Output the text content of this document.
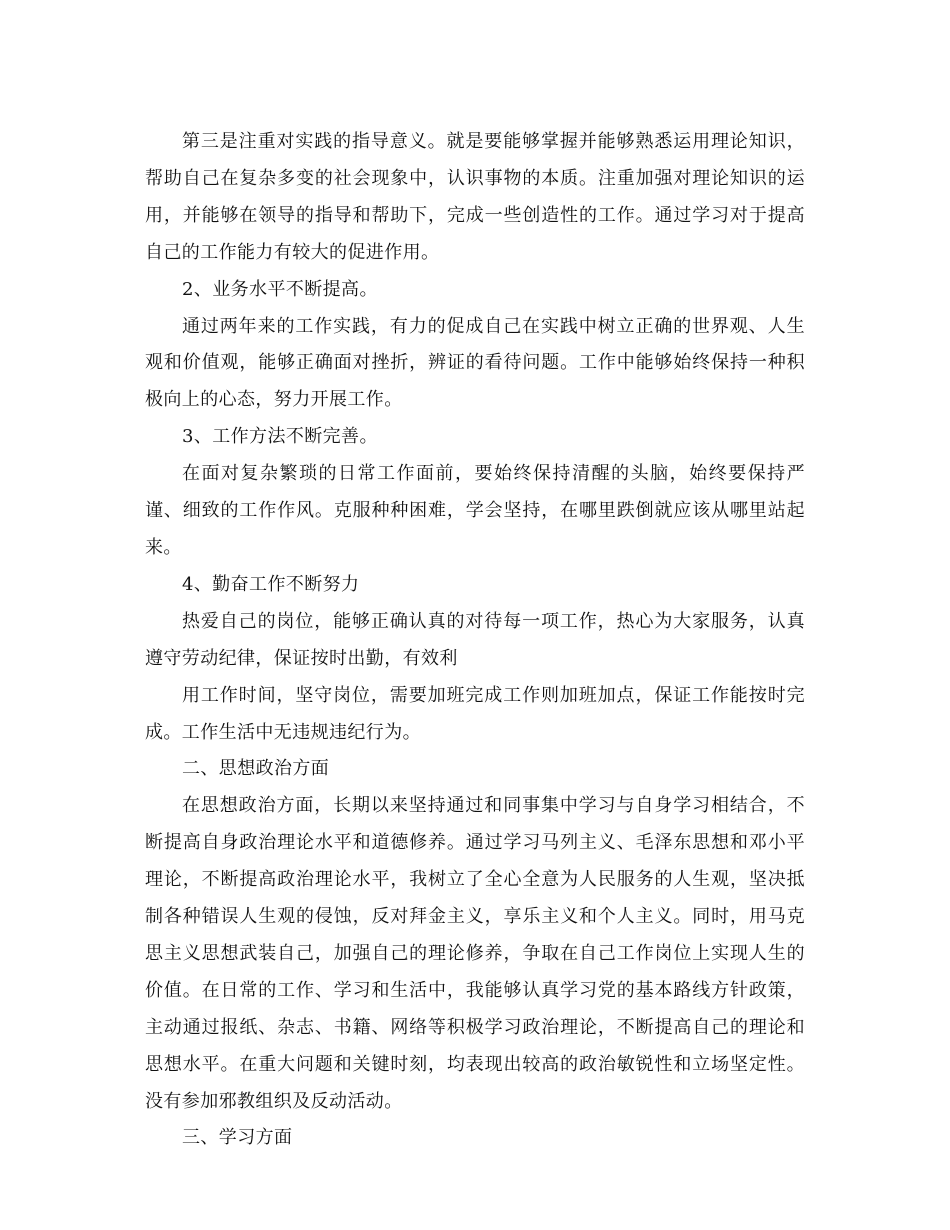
第三是注重对实践的指导意义。就是要能够掌握并能够熟悉运用理论知识，帮助自己在复杂多变的社会现象中，认识事物的本质。注重加强对理论知识的运用，并能够在领导的指导和帮助下，完成一些创造性的工作。通过学习对于提高自己的工作能力有较大的促进作用。

2、业务水平不断提高。

通过两年来的工作实践，有力的促成自己在实践中树立正确的世界观、人生观和价值观，能够正确面对挫折，辨证的看待问题。工作中能够始终保持一种积极向上的心态，努力开展工作。

3、工作方法不断完善。

在面对复杂繁琐的日常工作面前，要始终保持清醒的头脑，始终要保持严谨、细致的工作作风。克服种种困难，学会坚持，在哪里跌倒就应该从哪里站起来。

4、勤奋工作不断努力

热爱自己的岗位，能够正确认真的对待每一项工作，热心为大家服务，认真遵守劳动纪律，保证按时出勤，有效利

用工作时间，坚守岗位，需要加班完成工作则加班加点，保证工作能按时完成。工作生活中无违规违纪行为。

二、思想政治方面

在思想政治方面，长期以来坚持通过和同事集中学习与自身学习相结合，不断提高自身政治理论水平和道德修养。通过学习马列主义、毛泽东思想和邓小平理论，不断提高政治理论水平，我树立了全心全意为人民服务的人生观，坚决抵制各种错误人生观的侵蚀，反对拜金主义，享乐主义和个人主义。同时，用马克思主义思想武装自己，加强自己的理论修养，争取在自己工作岗位上实现人生的价值。在日常的工作、学习和生活中，我能够认真学习党的基本路线方针政策，主动通过报纸、杂志、书籍、网络等积极学习政治理论，不断提高自己的理论和思想水平。在重大问题和关键时刻，均表现出较高的政治敏锐性和立场坚定性。没有参加邪教组织及反动活动。

三、学习方面
